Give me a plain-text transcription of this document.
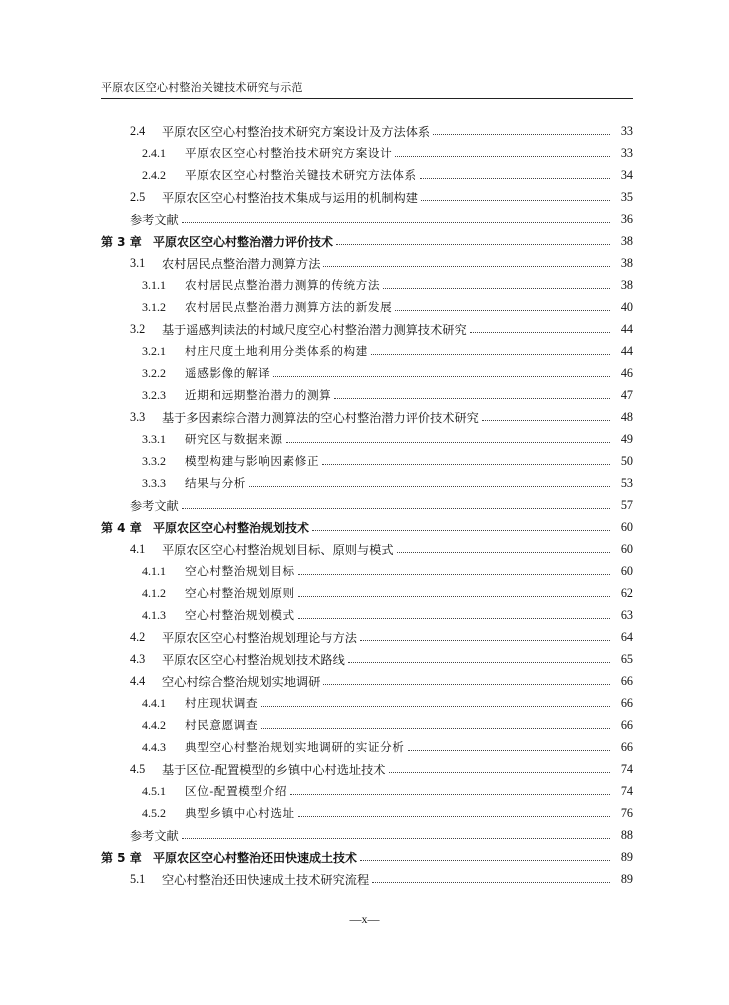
平原农区空心村整治关键技术研究与示范
2.4	平原农区空心村整治技术研究方案设计及方法体系	33
2.4.1	平原农区空心村整治技术研究方案设计	33
2.4.2	平原农区空心村整治关键技术研究方法体系	34
2.5	平原农区空心村整治技术集成与运用的机制构建	35
参考文献	36
第 3 章 平原农区空心村整治潜力评价技术	38
3.1	农村居民点整治潜力测算方法	38
3.1.1	农村居民点整治潜力测算的传统方法	38
3.1.2	农村居民点整治潜力测算方法的新发展	40
3.2	基于遥感判读法的村域尺度空心村整治潜力测算技术研究	44
3.2.1	村庄尺度土地利用分类体系的构建	44
3.2.2	遥感影像的解译	46
3.2.3	近期和远期整治潜力的测算	47
3.3	基于多因素综合潜力测算法的空心村整治潜力评价技术研究	48
3.3.1	研究区与数据来源	49
3.3.2	模型构建与影响因素修正	50
3.3.3	结果与分析	53
参考文献	57
第 4 章 平原农区空心村整治规划技术	60
4.1	平原农区空心村整治规划目标、原则与模式	60
4.1.1	空心村整治规划目标	60
4.1.2	空心村整治规划原则	62
4.1.3	空心村整治规划模式	63
4.2	平原农区空心村整治规划理论与方法	64
4.3	平原农区空心村整治规划技术路线	65
4.4	空心村综合整治规划实地调研	66
4.4.1	村庄现状调查	66
4.4.2	村民意愿调查	66
4.4.3	典型空心村整治规划实地调研的实证分析	66
4.5	基于区位-配置模型的乡镇中心村选址技术	74
4.5.1	区位-配置模型介绍	74
4.5.2	典型乡镇中心村选址	76
参考文献	88
第 5 章 平原农区空心村整治还田快速成土技术	89
5.1	空心村整治还田快速成土技术研究流程	89
—x—
